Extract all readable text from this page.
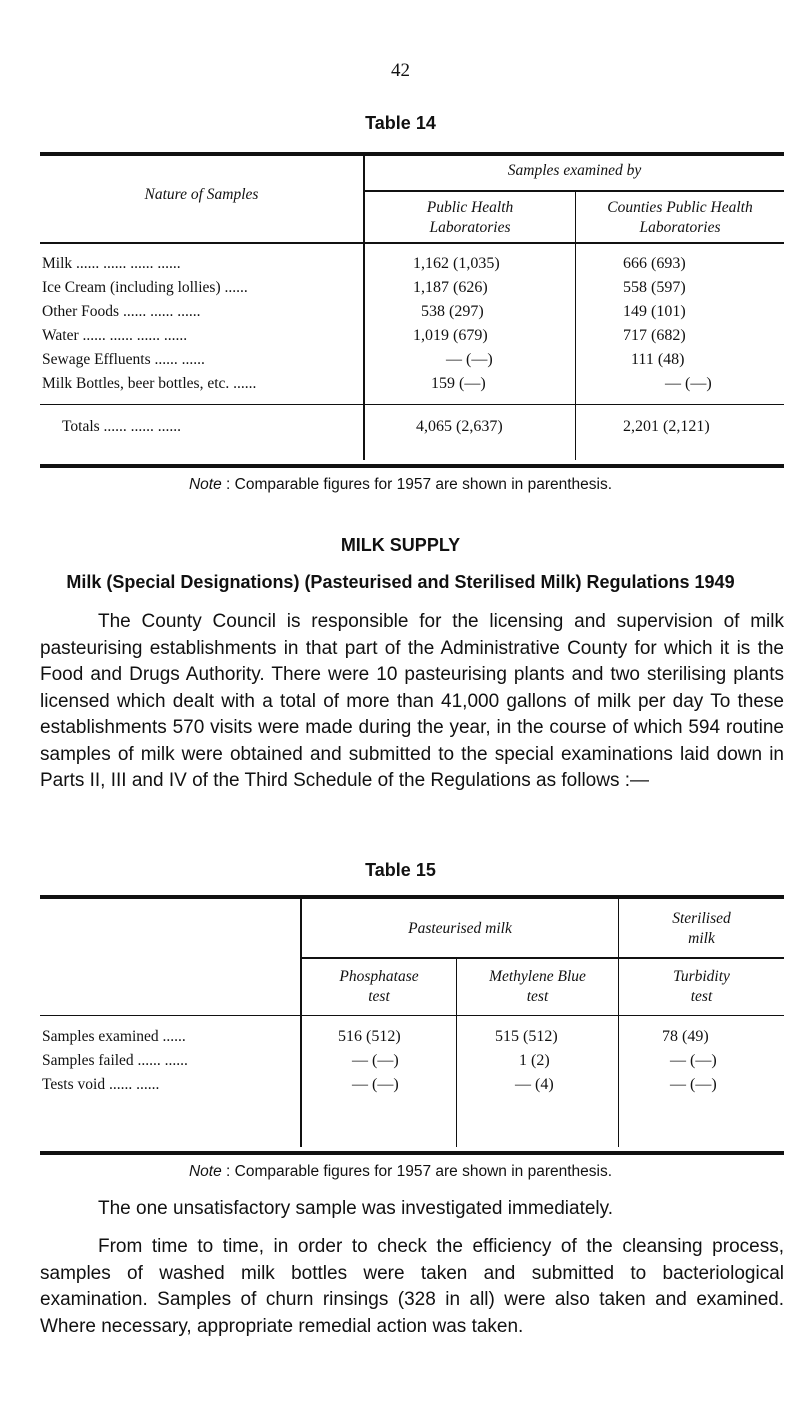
42
Table 14
Nature of Samples
Samples examined by
Public Health
Laboratories
Counties Public Health
Laboratories
Milk ...... ...... ...... ......	1,162 (1,035)	666 (693)
Ice Cream (including lollies) ......	1,187 (626)	558 (597)
Other Foods ...... ...... ......	538 (297)	149 (101)
Water ...... ...... ...... ......	1,019 (679)	717 (682)
Sewage Effluents ...... ......	— (—)	111 (48)
Milk Bottles, beer bottles, etc. ......	159 (—)	— (—)
Totals ...... ...... ......	4,065 (2,637)	2,201 (2,121)
Note : Comparable figures for 1957 are shown in parenthesis.
MILK SUPPLY
Milk (Special Designations) (Pasteurised and Sterilised Milk) Regulations 1949
The County Council is responsible for the licensing and supervision of milk pasteurising establishments in that part of the Administrative County for which it is the Food and Drugs Authority. There were 10 pasteurising plants and two sterilising plants licensed which dealt with a total of more than 41,000 gallons of milk per day To these establishments 570 visits were made during the year, in the course of which 594 routine samples of milk were obtained and submitted to the special examinations laid down in Parts II, III and IV of the Third Schedule of the Regulations as follows :—
Table 15
Pasteurised milk
Sterilised
milk
Phosphatase
test
Methylene Blue
test
Turbidity
test
Samples examined ......	516 (512)	515 (512)	78 (49)
Samples failed ...... ......	— (—)	1 (2)	— (—)
Tests void ...... ......	— (—)	— (4)	— (—)
Note : Comparable figures for 1957 are shown in parenthesis.
The one unsatisfactory sample was investigated immediately.
From time to time, in order to check the efficiency of the cleansing process, samples of washed milk bottles were taken and submitted to bacteriological examination. Samples of churn rinsings (328 in all) were also taken and examined. Where necessary, appropriate remedial action was taken.
